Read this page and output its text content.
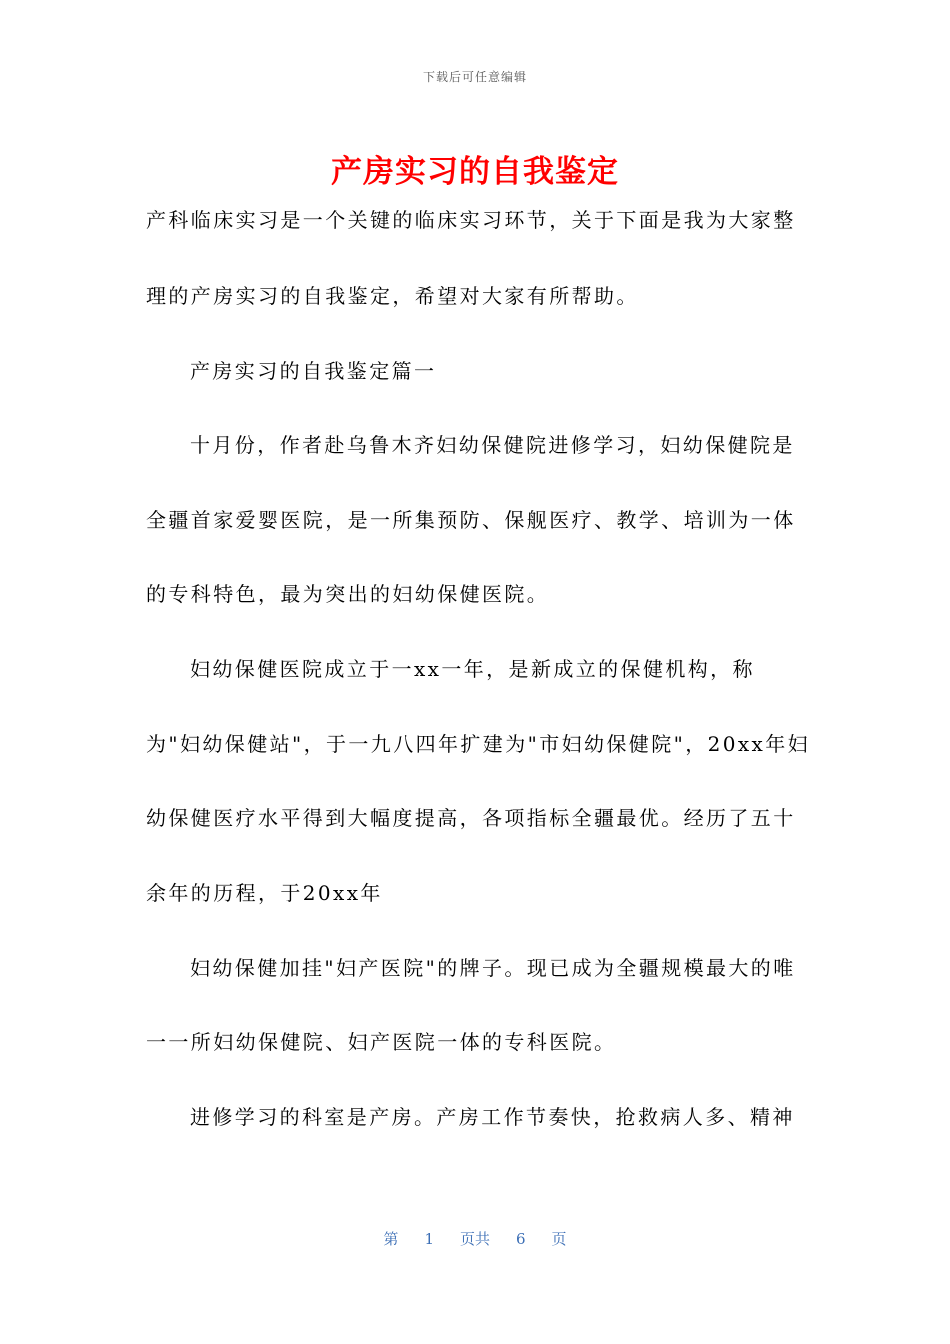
下载后可任意编辑
产房实习的自我鉴定
产科临床实习是一个关键的临床实习环节，关于下面是我为大家整
理的产房实习的自我鉴定，希望对大家有所帮助。
产房实习的自我鉴定篇一
十月份，作者赴乌鲁木齐妇幼保健院进修学习，妇幼保健院是
全疆首家爱婴医院，是一所集预防、保舰医疗、教学、培训为一体
的专科特色，最为突出的妇幼保健医院。
妇幼保健医院成立于一xx一年，是新成立的保健机构，称
为"妇幼保健站"，于一九八四年扩建为"市妇幼保健院"，20xx年妇
幼保健医疗水平得到大幅度提高，各项指标全疆最优。经历了五十
余年的历程，于20xx年
妇幼保健加挂"妇产医院"的牌子。现已成为全疆规模最大的唯
一一所妇幼保健院、妇产医院一体的专科医院。
进修学习的科室是产房。产房工作节奏快，抢救病人多、精神
第 1 页共 6 页
